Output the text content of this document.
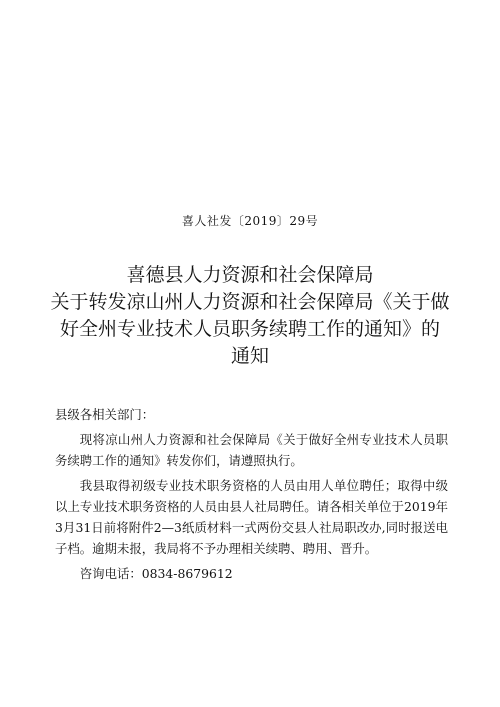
喜人社发〔2019〕29号
喜德县人力资源和社会保障局
关于转发凉山州人力资源和社会保障局《关于做
好全州专业技术人员职务续聘工作的通知》的
通知

县级各相关部门：

现将凉山州人力资源和社会保障局《关于做好全州专业技术人员职务续聘工作的通知》转发你们，请遵照执行。

我县取得初级专业技术职务资格的人员由用人单位聘任；取得中级以上专业技术职务资格的人员由县人社局聘任。请各相关单位于2019年3月31日前将附件2—3纸质材料一式两份交县人社局职改办,同时报送电子档。逾期未报，我局将不予办理相关续聘、聘用、晋升。

咨询电话：0834-8679612
